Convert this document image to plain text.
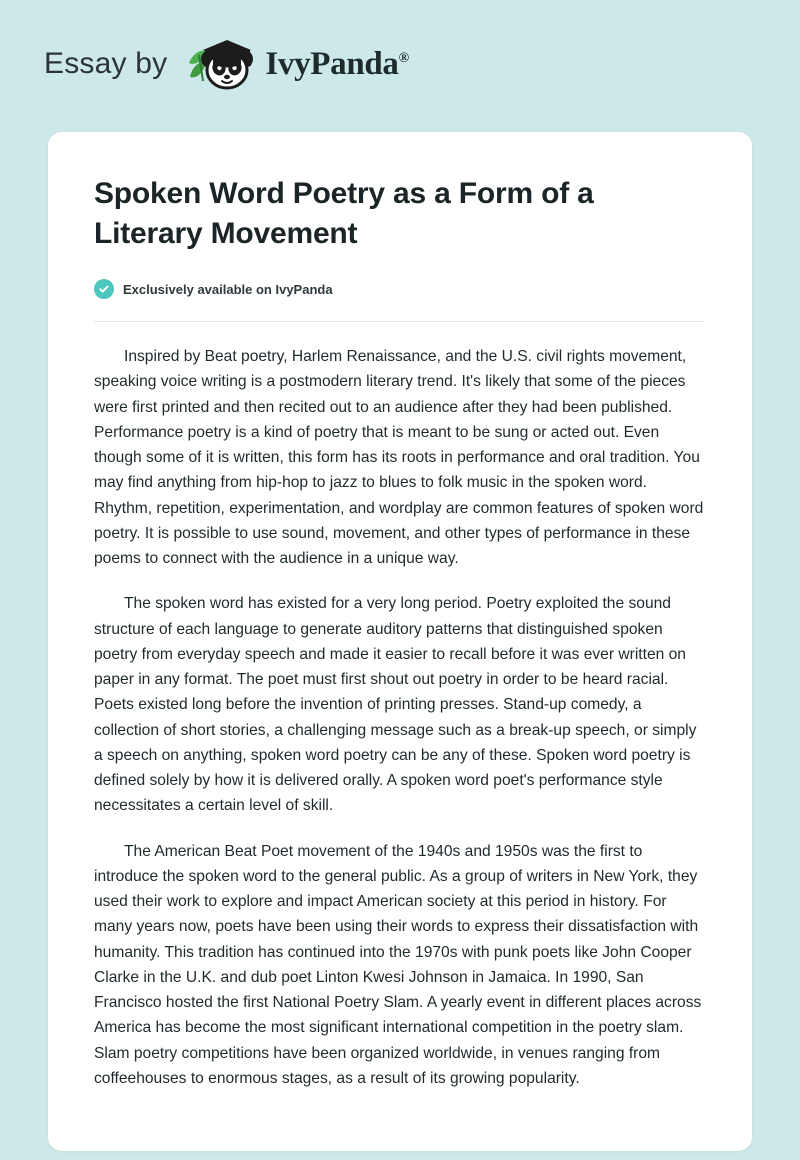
Essay by	IvyPanda®
Spoken Word Poetry as a Form of a Literary Movement
Exclusively available on IvyPanda

Inspired by Beat poetry, Harlem Renaissance, and the U.S. civil rights movement, speaking voice writing is a postmodern literary trend. It's likely that some of the pieces were first printed and then recited out to an audience after they had been published. Performance poetry is a kind of poetry that is meant to be sung or acted out. Even though some of it is written, this form has its roots in performance and oral tradition. You may find anything from hip-hop to jazz to blues to folk music in the spoken word. Rhythm, repetition, experimentation, and wordplay are common features of spoken word poetry. It is possible to use sound, movement, and other types of performance in these poems to connect with the audience in a unique way.

The spoken word has existed for a very long period. Poetry exploited the sound structure of each language to generate auditory patterns that distinguished spoken poetry from everyday speech and made it easier to recall before it was ever written on paper in any format. The poet must first shout out poetry in order to be heard racial. Poets existed long before the invention of printing presses. Stand-up comedy, a collection of short stories, a challenging message such as a break-up speech, or simply a speech on anything, spoken word poetry can be any of these. Spoken word poetry is defined solely by how it is delivered orally. A spoken word poet's performance style necessitates a certain level of skill.

The American Beat Poet movement of the 1940s and 1950s was the first to introduce the spoken word to the general public. As a group of writers in New York, they used their work to explore and impact American society at this period in history. For many years now, poets have been using their words to express their dissatisfaction with humanity. This tradition has continued into the 1970s with punk poets like John Cooper Clarke in the U.K. and dub poet Linton Kwesi Johnson in Jamaica. In 1990, San Francisco hosted the first National Poetry Slam. A yearly event in different places across America has become the most significant international competition in the poetry slam. Slam poetry competitions have been organized worldwide, in venues ranging from coffeehouses to enormous stages, as a result of its growing popularity.
